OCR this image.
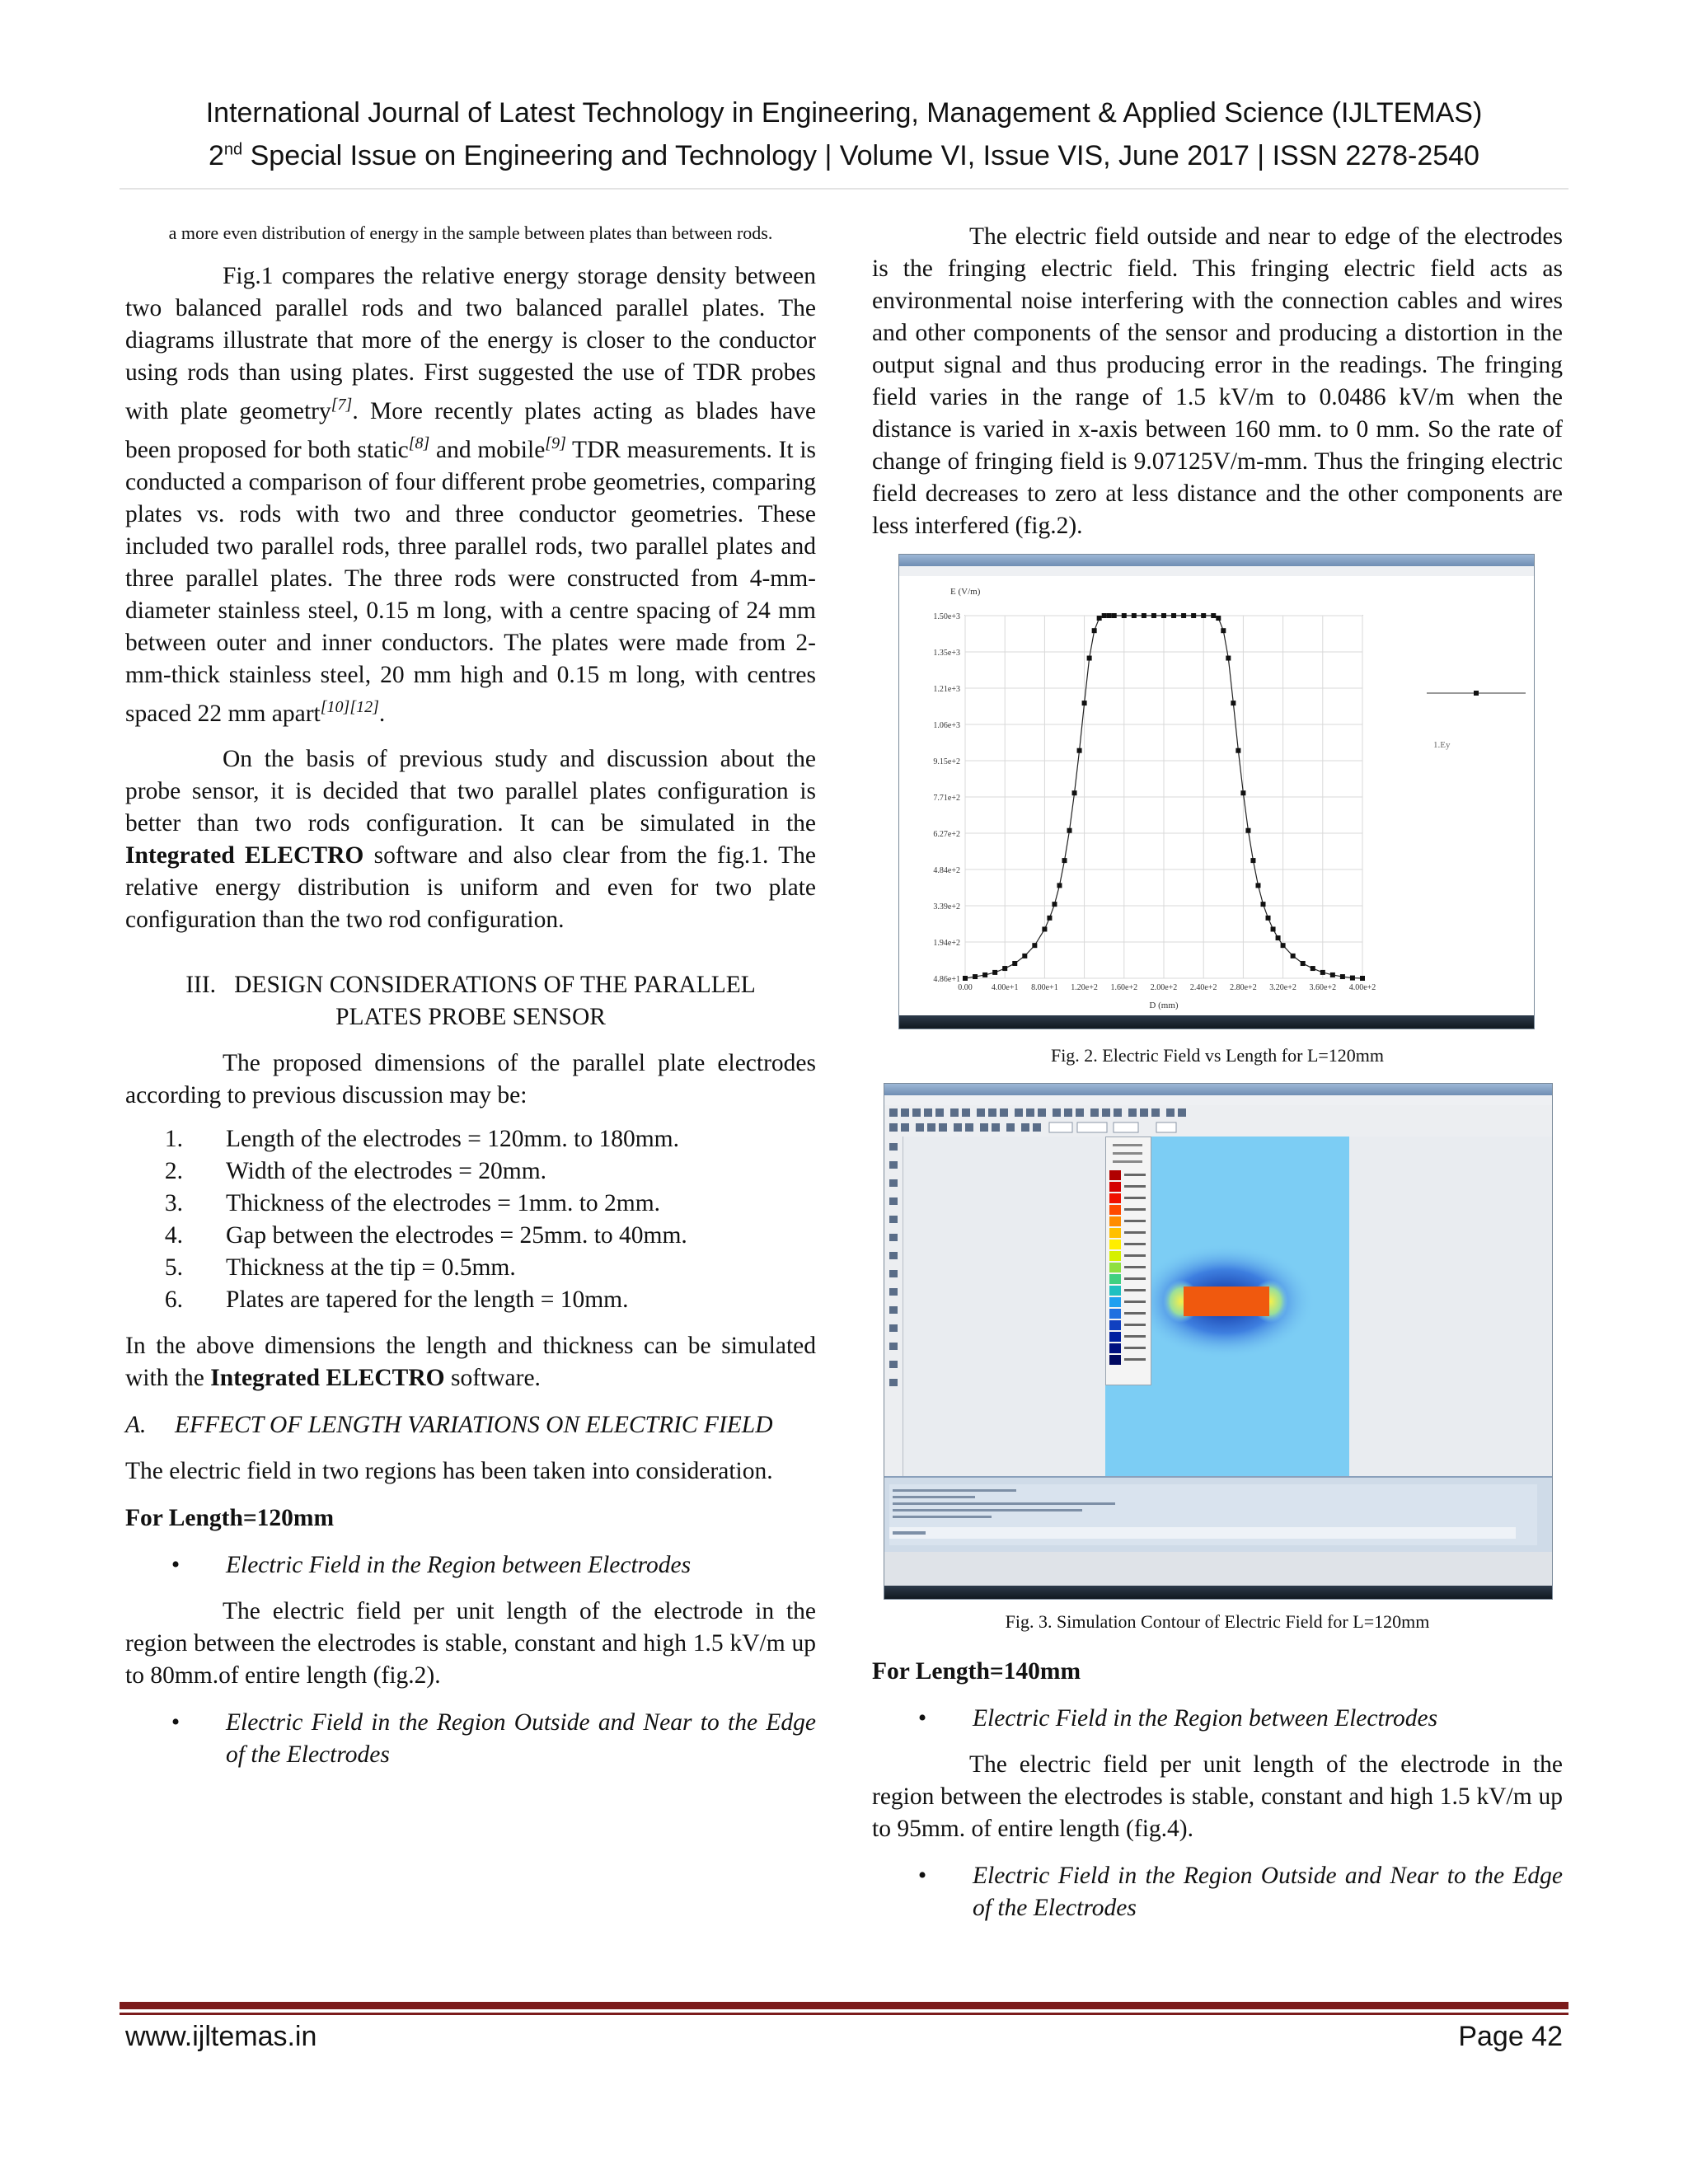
International Journal of Latest Technology in Engineering, Management & Applied Science (IJLTEMAS)
2nd Special Issue on Engineering and Technology | Volume VI, Issue VIS, June 2017 | ISSN 2278-2540

a more even distribution of energy in the sample between plates than between rods.

Fig.1 compares the relative energy storage density between two balanced parallel rods and two balanced parallel plates. The diagrams illustrate that more of the energy is closer to the conductor using rods than using plates. First suggested the use of TDR probes with plate geometry[7]. More recently plates acting as blades have been proposed for both static[8] and mobile[9] TDR measurements. It is conducted a comparison of four different probe geometries, comparing plates vs. rods with two and three conductor geometries. These included two parallel rods, three parallel rods, two parallel plates and three parallel plates. The three rods were constructed from 4-mm-diameter stainless steel, 0.15 m long, with a centre spacing of 24 mm between outer and inner conductors. The plates were made from 2-mm-thick stainless steel, 20 mm high and 0.15 m long, with centres spaced 22 mm apart[10][12].

On the basis of previous study and discussion about the probe sensor, it is decided that two parallel plates configuration is better than two rods configuration. It can be simulated in the Integrated ELECTRO software and also clear from the fig.1. The relative energy distribution is uniform and even for two plate configuration than the two rod configuration.

III.   DESIGN CONSIDERATIONS OF THE PARALLEL
PLATES PROBE SENSOR

The proposed dimensions of the parallel plate electrodes according to previous discussion may be:

1. Length of the electrodes = 120mm. to 180mm.
2. Width of the electrodes = 20mm.
3. Thickness of the electrodes = 1mm. to 2mm.
4. Gap between the electrodes = 25mm. to 40mm.
5. Thickness at the tip = 0.5mm.
6. Plates are tapered for the length = 10mm.

In the above dimensions the length and thickness can be simulated with the Integrated ELECTRO software.

A.	EFFECT OF LENGTH VARIATIONS ON ELECTRIC FIELD

The electric field in two regions has been taken into consideration.

For Length=120mm

•	Electric Field in the Region between Electrodes

The electric field per unit length of the electrode in the region between the electrodes is stable, constant and high 1.5 kV/m up to 80mm.of entire length (fig.2).

•	Electric Field in the Region Outside and Near to the Edge of the Electrodes

The electric field outside and near to edge of the electrodes is the fringing electric field. This fringing electric field acts as environmental noise interfering with the connection cables and wires and other components of the sensor and producing a distortion in the output signal and thus producing error in the readings. The fringing field varies in the range of 1.5 kV/m to 0.0486 kV/m when the distance is varied in x-axis between 160 mm. to 0 mm. So the rate of change of fringing field is 9.07125V/m-mm. Thus the fringing electric field decreases to zero at less distance and the other components are less interfered (fig.2).

0.00 4.00e+1 8.00e+1 1.20e+2 1.60e+2 2.00e+2 2.40e+2 2.80e+2 3.20e+2 3.60e+2 4.00e+2
1.50e+3
1.35e+3
1.21e+3
1.06e+3
9.15e+2
7.71e+2
6.27e+2
4.84e+2
3.39e+2
1.94e+2
4.86e+1
E (V/m)
D (mm)
1.Ey

Fig. 2. Electric Field vs Length for L=120mm

Fig. 3. Simulation Contour of Electric Field for L=120mm

For Length=140mm

•	Electric Field in the Region between Electrodes

The electric field per unit length of the electrode in the region between the electrodes is stable, constant and high 1.5 kV/m up to 95mm. of entire length (fig.4).

•	Electric Field in the Region Outside and Near to the Edge of the Electrodes
www.ijltemas.in	Page 42
